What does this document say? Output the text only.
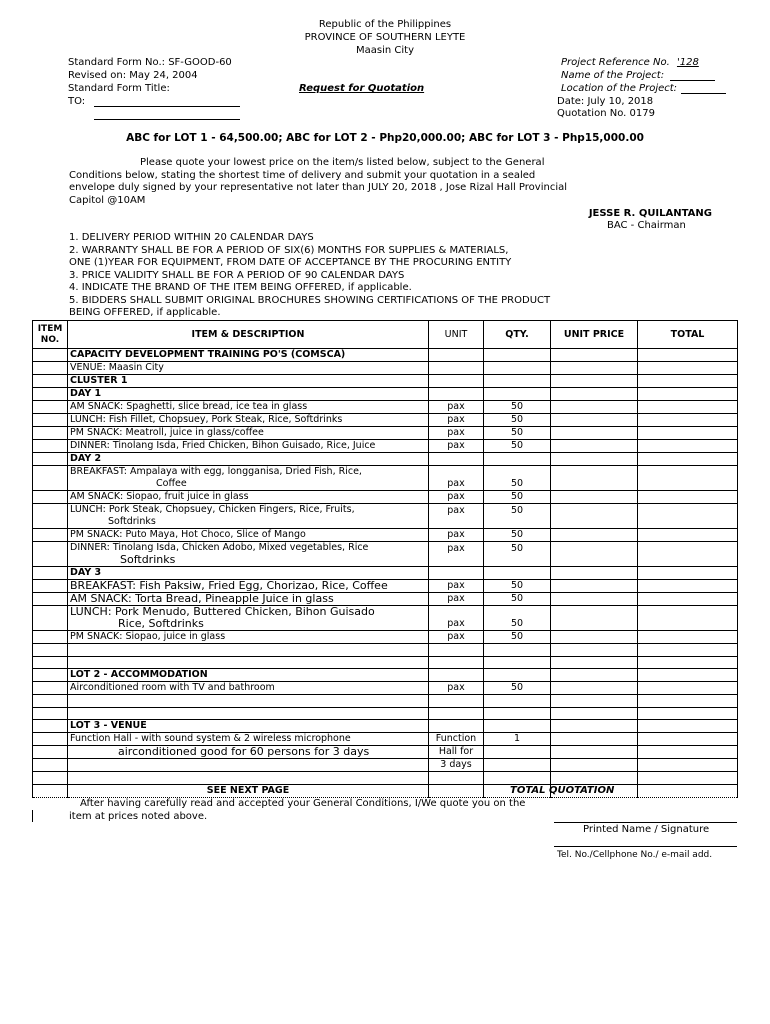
Republic of the Philippines
PROVINCE OF SOUTHERN LEYTE
Maasin City
Standard Form No.: SF-GOOD-60
Revised on: May 24, 2004
Standard Form Title:
TO:
Request for Quotation
Project Reference No. '128
Name of the Project:
Location of the Project:
Date: July 10, 2018
Quotation No. 0179
ABC for LOT 1 - 64,500.00; ABC for LOT 2 - Php20,000.00; ABC for LOT 3 - Php15,000.00
Please quote your lowest price on the item/s listed below, subject to the General
Conditions below, stating the shortest time of delivery and submit your quotation in a sealed
envelope duly signed by your representative not later than JULY 20, 2018 , Jose Rizal Hall Provincial
Capitol @10AM
JESSE R. QUILANTANG
BAC - Chairman
1. DELIVERY PERIOD WITHIN 20 CALENDAR DAYS
2. WARRANTY SHALL BE FOR A PERIOD OF SIX(6) MONTHS FOR SUPPLIES & MATERIALS,
ONE (1)YEAR FOR EQUIPMENT, FROM DATE OF ACCEPTANCE BY THE PROCURING ENTITY
3. PRICE VALIDITY SHALL BE FOR A PERIOD OF 90 CALENDAR DAYS
4. INDICATE THE BRAND OF THE ITEM BEING OFFERED, if applicable.
5. BIDDERS SHALL SUBMIT ORIGINAL BROCHURES SHOWING CERTIFICATIONS OF THE PRODUCT
BEING OFFERED, if applicable.
ITEM NO.	ITEM & DESCRIPTION	UNIT	QTY.	UNIT PRICE	TOTAL

	CAPACITY DEVELOPMENT TRAINING PO'S (COMSCA)				

	VENUE: Maasin City				

	CLUSTER 1				

	DAY 1				

	AM SNACK: Spaghetti, slice bread, ice tea in glass	pax	50		

	LUNCH: Fish Fillet, Chopsuey, Pork Steak, Rice, Softdrinks	pax	50		

	PM SNACK: Meatroll, juice in glass/coffee	pax	50		

	DINNER: Tinolang Isda, Fried Chicken, Bihon Guisado, Rice, Juice	pax	50		

	DAY 2				

	BREAKFAST: Ampalaya with egg, longganisa, Dried Fish, Rice,
Coffee	pax	50		

	AM SNACK: Siopao, fruit juice in glass	pax	50		

	LUNCH: Pork Steak, Chopsuey, Chicken Fingers, Rice, Fruits,
Softdrinks	pax	50		

	PM SNACK: Puto Maya, Hot Choco, Slice of Mango	pax	50		

	DINNER: Tinolang Isda, Chicken Adobo, Mixed vegetables, Rice
Softdrinks	pax	50		

	DAY 3				

	BREAKFAST: Fish Paksiw, Fried Egg, Chorizao, Rice, Coffee	pax	50		

	AM SNACK: Torta Bread, Pineapple Juice in glass	pax	50		

	LUNCH: Pork Menudo, Buttered Chicken, Bihon Guisado
Rice, Softdrinks	pax	50		

	PM SNACK: Siopao, juice in glass	pax	50		

	LOT 2 - ACCOMMODATION				

	Airconditioned room with TV and bathroom	pax	50		

	LOT 3 - VENUE				

	Function Hall - with sound system & 2 wireless microphone	Function	1		

	airconditioned good for 60 persons for 3 days	Hall for			

	3 days			

	SEE NEXT PAGE				
					TOTAL QUOTATION
After having carefully read and accepted your General Conditions, I/We quote you on the
item at prices noted above.
Printed Name / Signature
Tel. No./Cellphone No./ e-mail add.
